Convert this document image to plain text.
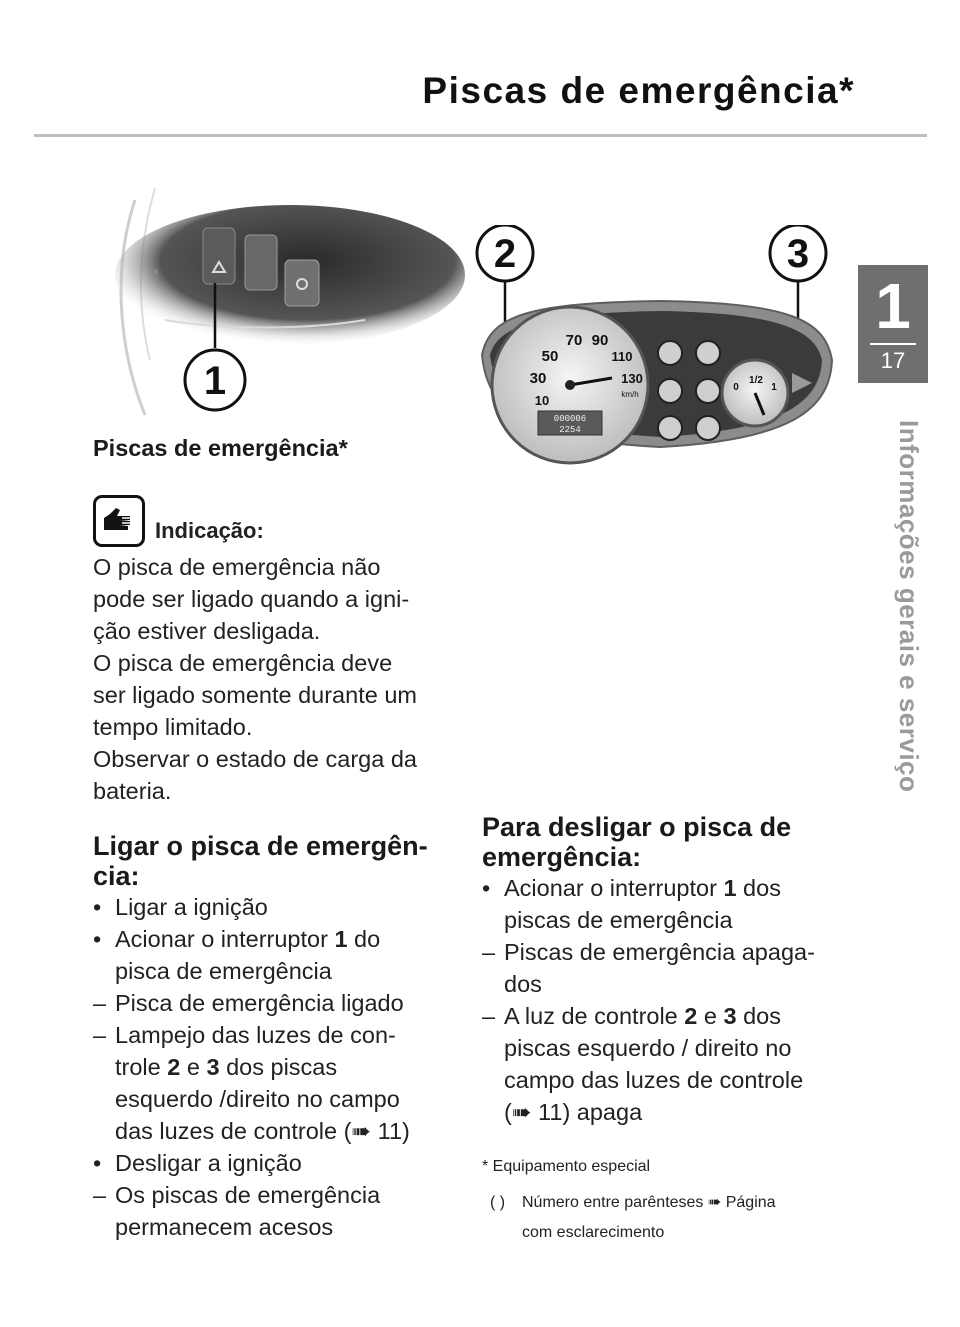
Piscas de emergência*
1
17
Informações gerais e serviço
1
2	3
70 90
50	110
30	130
10	km/h
000006
2254
0
1/2
1
Piscas de emergência*
Indicação:

O pisca de emergência não

pode ser ligado quando a igni-

ção estiver desligada.

O pisca de emergência deve

ser ligado somente durante um

tempo limitado.

Observar o estado de carga da

bateria.

Ligar o pisca de emergên-
cia:
• Ligar a ignição
• Acionar o interruptor 1 do
pisca de emergência
– Pisca de emergência ligado
– Lampejo das luzes de con-
trole 2 e 3 dos piscas
esquerdo /direito no campo
das luzes de controle (➠ 11)
• Desligar a ignição
– Os piscas de emergência
permanecem acesos
Para desligar o pisca de
emergência:
• Acionar o interruptor 1 dos
piscas de emergência
– Piscas de emergência apaga-
dos
– A luz de controle 2 e 3 dos
piscas esquerdo / direito no
campo das luzes de controle
(➠ 11) apaga
* Equipamento especial
( ) Número entre parênteses ➠ Página
com esclarecimento
